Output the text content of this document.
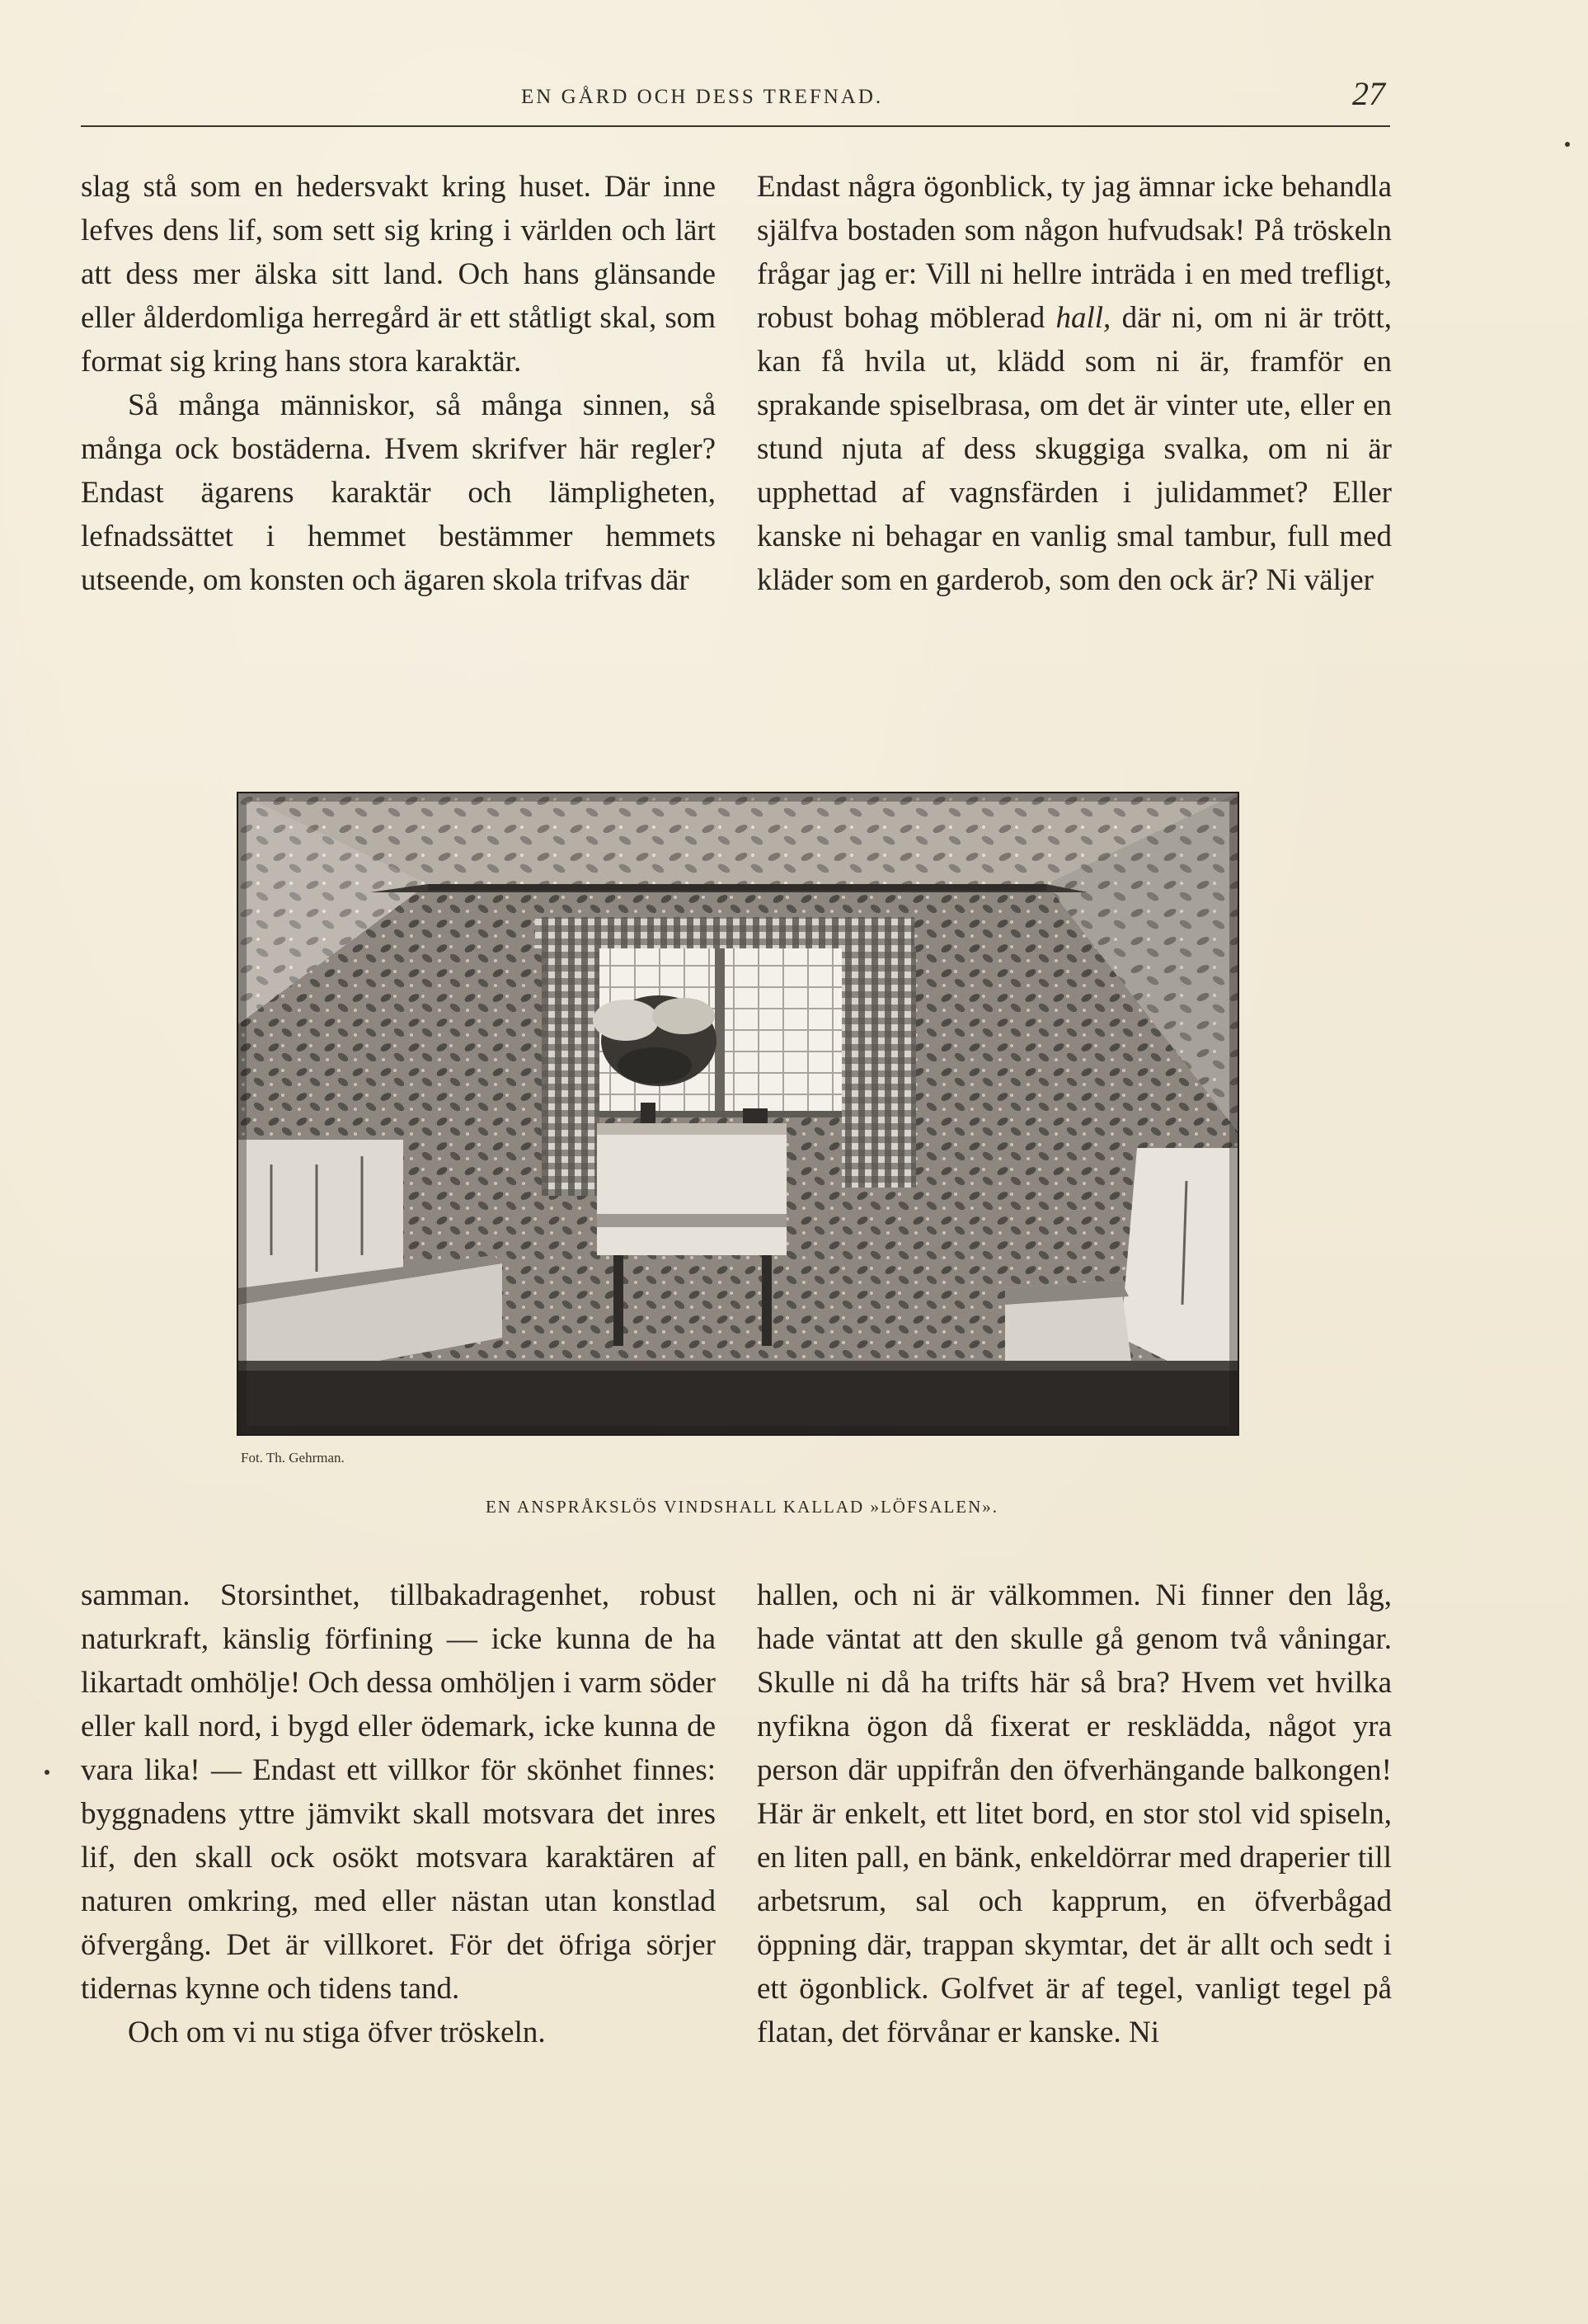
EN GÅRD OCH DESS TREFNAD.	27

slag stå som en hedersvakt kring huset. Där inne lefves dens lif, som sett sig kring i världen och lärt att dess mer älska sitt land. Och hans glänsande eller ålderdomliga herregård är ett ståtligt skal, som format sig kring hans stora karaktär.

Så många människor, så många sinnen, så många ock bostäderna. Hvem skrifver här regler? Endast ägarens karaktär och lämpligheten, lefnadssättet i hemmet bestämmer hemmets utseende, om konsten och ägaren skola trifvas där

Endast några ögonblick, ty jag ämnar icke behandla själfva bostaden som någon hufvudsak! På tröskeln frågar jag er: Vill ni hellre inträda i en med trefligt, robust bohag möblerad hall, där ni, om ni är trött, kan få hvila ut, klädd som ni är, framför en sprakande spiselbrasa, om det är vinter ute, eller en stund njuta af dess skuggiga svalka, om ni är upphettad af vagnsfärden i julidammet? Eller kanske ni behagar en vanlig smal tambur, full med kläder som en garderob, som den ock är? Ni väljer

Fot. Th. Gehrman.
EN ANSPRÅKSLÖS VINDSHALL KALLAD »LÖFSALEN».

samman. Storsinthet, tillbakadragenhet, robust naturkraft, känslig förfining — icke kunna de ha likartadt omhölje! Och dessa omhöljen i varm söder eller kall nord, i bygd eller ödemark, icke kunna de vara lika! — Endast ett villkor för skönhet finnes: byggnadens yttre jämvikt skall motsvara det inres lif, den skall ock osökt motsvara karaktären af naturen omkring, med eller nästan utan konstlad öfvergång. Det är villkoret. För det öfriga sörjer tidernas kynne och tidens tand.

Och om vi nu stiga öfver tröskeln.

hallen, och ni är välkommen. Ni finner den låg, hade väntat att den skulle gå genom två våningar. Skulle ni då ha trifts här så bra? Hvem vet hvilka nyfikna ögon då fixerat er resklädda, något yra person där uppifrån den öfverhängande balkongen! Här är enkelt, ett litet bord, en stor stol vid spiseln, en liten pall, en bänk, enkeldörrar med draperier till arbetsrum, sal och kapprum, en öfverbågad öppning där, trappan skymtar, det är allt och sedt i ett ögonblick. Golfvet är af tegel, vanligt tegel på flatan, det förvånar er kanske. Ni
